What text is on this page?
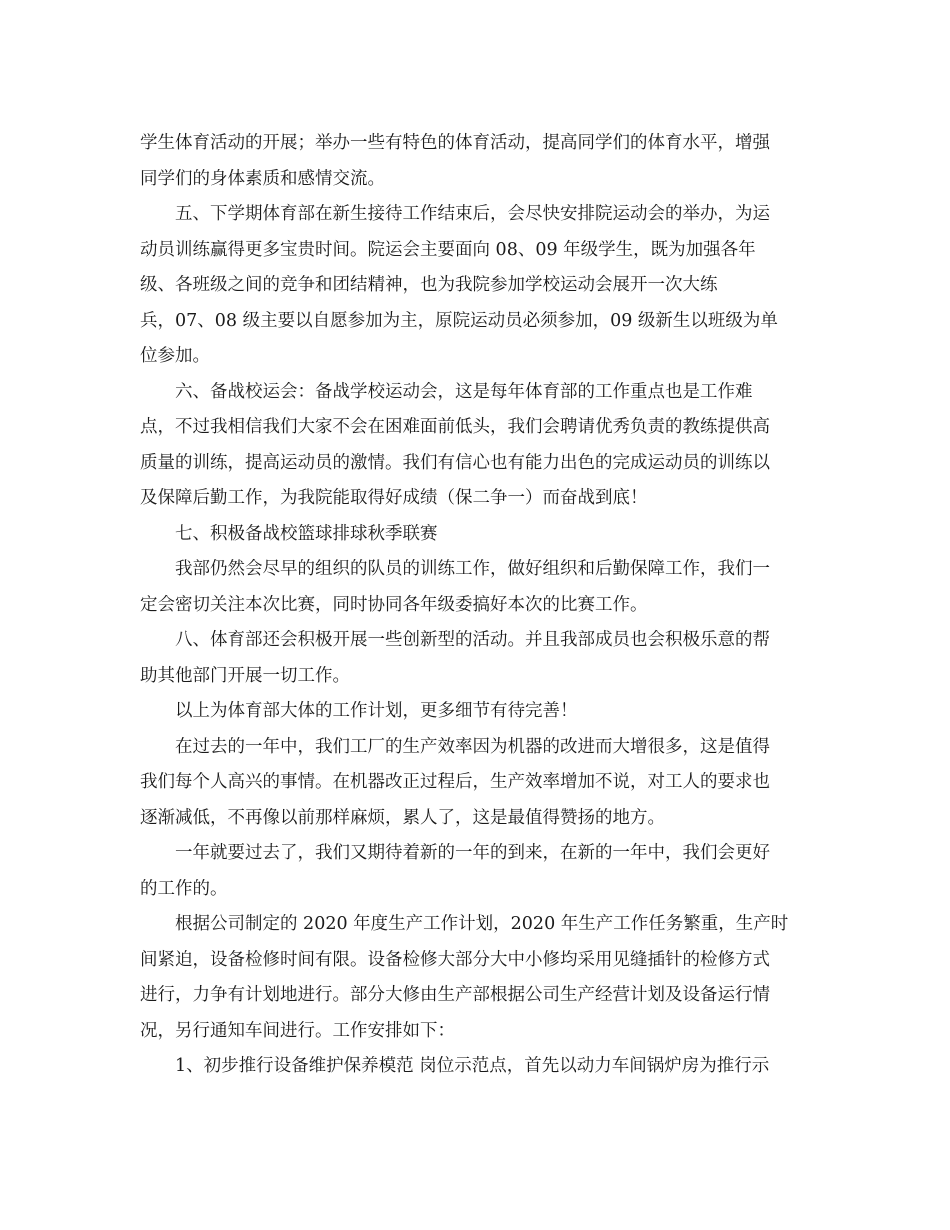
学生体育活动的开展；举办一些有特色的体育活动，提高同学们的体育水平，增强
同学们的身体素质和感情交流。

五、下学期体育部在新生接待工作结束后，会尽快安排院运动会的举办，为运
动员训练赢得更多宝贵时间。院运会主要面向 08、09 年级学生，既为加强各年
级、各班级之间的竞争和团结精神，也为我院参加学校运动会展开一次大练
兵，07、08 级主要以自愿参加为主，原院运动员必须参加，09 级新生以班级为单
位参加。

六、备战校运会：备战学校运动会，这是每年体育部的工作重点也是工作难
点，不过我相信我们大家不会在困难面前低头，我们会聘请优秀负责的教练提供高
质量的训练，提高运动员的激情。我们有信心也有能力出色的完成运动员的训练以
及保障后勤工作，为我院能取得好成绩（保二争一）而奋战到底！

七、积极备战校篮球排球秋季联赛

我部仍然会尽早的组织的队员的训练工作，做好组织和后勤保障工作，我们一
定会密切关注本次比赛，同时协同各年级委搞好本次的比赛工作。

八、体育部还会积极开展一些创新型的活动。并且我部成员也会积极乐意的帮
助其他部门开展一切工作。

以上为体育部大体的工作计划，更多细节有待完善！

在过去的一年中，我们工厂的生产效率因为机器的改进而大增很多，这是值得
我们每个人高兴的事情。在机器改正过程后，生产效率增加不说，对工人的要求也
逐渐减低，不再像以前那样麻烦，累人了，这是最值得赞扬的地方。

一年就要过去了，我们又期待着新的一年的到来，在新的一年中，我们会更好
的工作的。

根据公司制定的 2020 年度生产工作计划，2020 年生产工作任务繁重，生产时
间紧迫，设备检修时间有限。设备检修大部分大中小修均采用见缝插针的检修方式
进行，力争有计划地进行。部分大修由生产部根据公司生产经营计划及设备运行情
况，另行通知车间进行。工作安排如下：

1、初步推行设备维护保养模范 岗位示范点，首先以动力车间锅炉房为推行示
